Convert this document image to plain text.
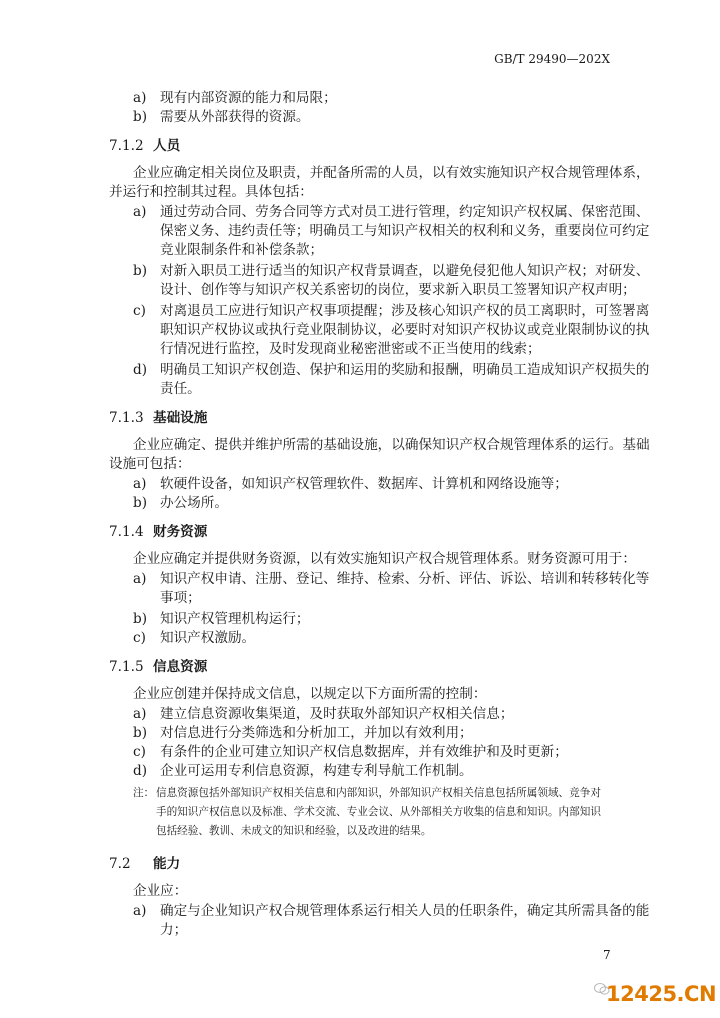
GB/T 29490—202X
a) 现有内部资源的能力和局限；
b) 需要从外部获得的资源。
7.1.2 人员
企业应确定相关岗位及职责，并配备所需的人员，以有效实施知识产权合规管理体系，
并运行和控制其过程。具体包括：
a) 通过劳动合同、劳务合同等方式对员工进行管理，约定知识产权权属、保密范围、
保密义务、违约责任等；明确员工与知识产权相关的权利和义务，重要岗位可约定
竞业限制条件和补偿条款；
b) 对新入职员工进行适当的知识产权背景调查，以避免侵犯他人知识产权；对研发、
设计、创作等与知识产权关系密切的岗位，要求新入职员工签署知识产权声明；
c) 对离退员工应进行知识产权事项提醒；涉及核心知识产权的员工离职时，可签署离
职知识产权协议或执行竞业限制协议，必要时对知识产权协议或竞业限制协议的执
行情况进行监控，及时发现商业秘密泄密或不正当使用的线索；
d) 明确员工知识产权创造、保护和运用的奖励和报酬，明确员工造成知识产权损失的
责任。
7.1.3 基础设施
企业应确定、提供并维护所需的基础设施，以确保知识产权合规管理体系的运行。基础
设施可包括：
a) 软硬件设备，如知识产权管理软件、数据库、计算机和网络设施等；
b) 办公场所。
7.1.4 财务资源
企业应确定并提供财务资源，以有效实施知识产权合规管理体系。财务资源可用于：
a) 知识产权申请、注册、登记、维持、检索、分析、评估、诉讼、培训和转移转化等
事项；
b) 知识产权管理机构运行；
c) 知识产权激励。
7.1.5 信息资源
企业应创建并保持成文信息，以规定以下方面所需的控制：
a) 建立信息资源收集渠道，及时获取外部知识产权相关信息；
b) 对信息进行分类筛选和分析加工，并加以有效利用；
c) 有条件的企业可建立知识产权信息数据库，并有效维护和及时更新；
d) 企业可运用专利信息资源，构建专利导航工作机制。
注： 信息资源包括外部知识产权相关信息和内部知识，外部知识产权相关信息包括所属领域、竞争对
手的知识产权信息以及标准、学术交流、专业会议、从外部相关方收集的信息和知识。内部知识
包括经验、教训、未成文的知识和经验，以及改进的结果。
7.2 能力
企业应：
a) 确定与企业知识产权合规管理体系运行相关人员的任职条件，确定其所需具备的能
力；
7
12425.CN
